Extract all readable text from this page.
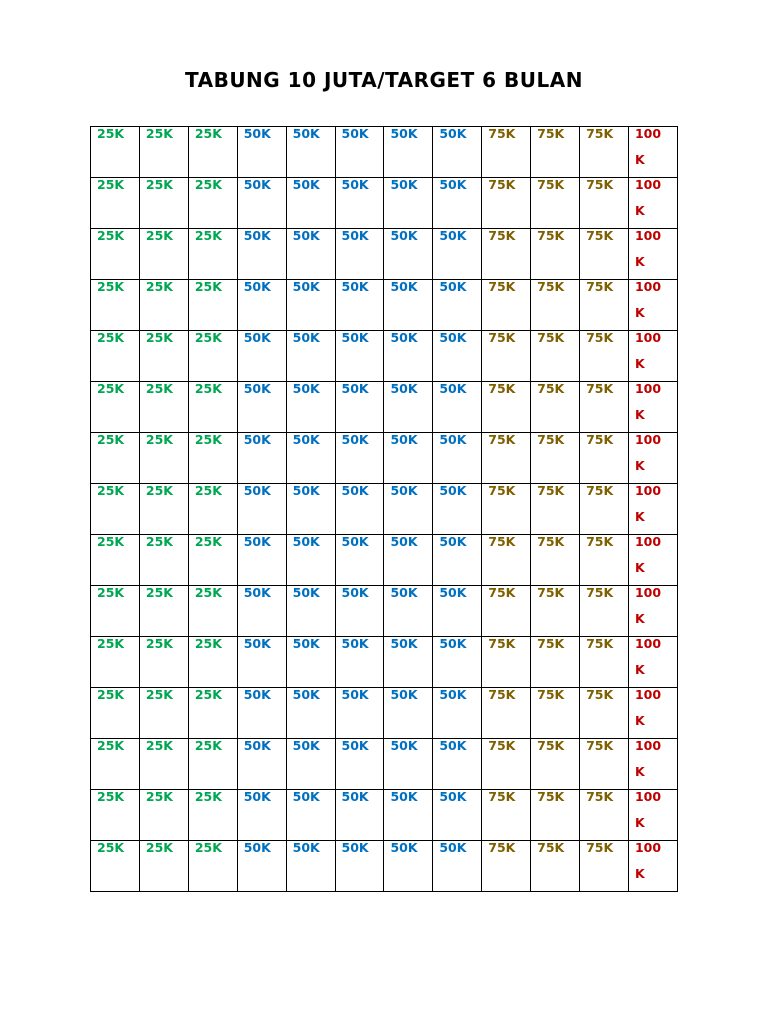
TABUNG 10 JUTA/TARGET 6 BULAN
25K	25K	25K	50K	50K	50K	50K	50K	75K	75K	75K	100 K

25K	25K	25K	50K	50K	50K	50K	50K	75K	75K	75K	100 K

25K	25K	25K	50K	50K	50K	50K	50K	75K	75K	75K	100 K

25K	25K	25K	50K	50K	50K	50K	50K	75K	75K	75K	100 K

25K	25K	25K	50K	50K	50K	50K	50K	75K	75K	75K	100 K

25K	25K	25K	50K	50K	50K	50K	50K	75K	75K	75K	100 K

25K	25K	25K	50K	50K	50K	50K	50K	75K	75K	75K	100 K

25K	25K	25K	50K	50K	50K	50K	50K	75K	75K	75K	100 K

25K	25K	25K	50K	50K	50K	50K	50K	75K	75K	75K	100 K

25K	25K	25K	50K	50K	50K	50K	50K	75K	75K	75K	100 K

25K	25K	25K	50K	50K	50K	50K	50K	75K	75K	75K	100 K

25K	25K	25K	50K	50K	50K	50K	50K	75K	75K	75K	100 K

25K	25K	25K	50K	50K	50K	50K	50K	75K	75K	75K	100 K

25K	25K	25K	50K	50K	50K	50K	50K	75K	75K	75K	100 K

25K	25K	25K	50K	50K	50K	50K	50K	75K	75K	75K	100 K
